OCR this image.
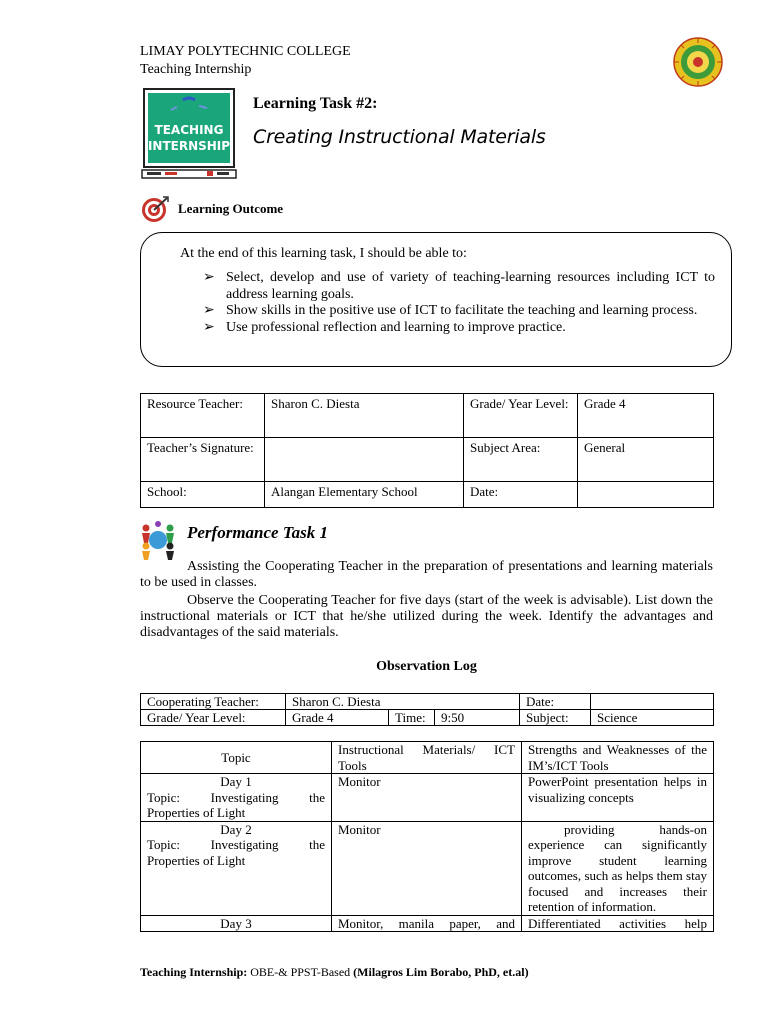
LIMAY POLYTECHNIC COLLEGE
Teaching Internship
TEACHING
INTERNSHIP
Learning Task #2:
Creating Instructional Materials
Learning Outcome
At the end of this learning task, I should be able to:
➢ Select, develop and use of variety of teaching-learning resources including ICT to address learning goals.
➢ Show skills in the positive use of ICT to facilitate the teaching and learning process.
➢ Use professional reflection and learning to improve practice.
Resource Teacher:	Sharon C. Diesta	Grade/ Year Level:	Grade 4
Teacher’s Signature:		Subject Area:	General
School:	Alangan Elementary School	Date:	
Performance Task 1

Assisting the Cooperating Teacher in the preparation of presentations and learning materials to be used in classes.

Observe the Cooperating Teacher for five days (start of the week is advisable). List down the instructional materials or ICT that he/she utilized during the week. Identify the advantages and disadvantages of the said materials.

Observation Log
Cooperating Teacher:	Sharon C. Diesta			Date:	
Grade/ Year Level:	Grade 4	Time:	9:50	Subject:	Science
Topic	Instructional Materials/ ICT Tools	Strengths and Weaknesses of the IM’s/ICT Tools

Day 1
Topic: Investigating the
Properties of Light	Monitor	PowerPoint presentation helps in visualizing concepts

Day 2
Topic: Investigating the
Properties of Light	Monitor	providing hands-on experience can significantly improve student learning outcomes, such as helps them stay focused and increases their retention of information.
Day 3	Monitor, manila paper, and	Differentiated activities help
Teaching Internship: OBE-& PPST-Based (Milagros Lim Borabo, PhD, et.al)
